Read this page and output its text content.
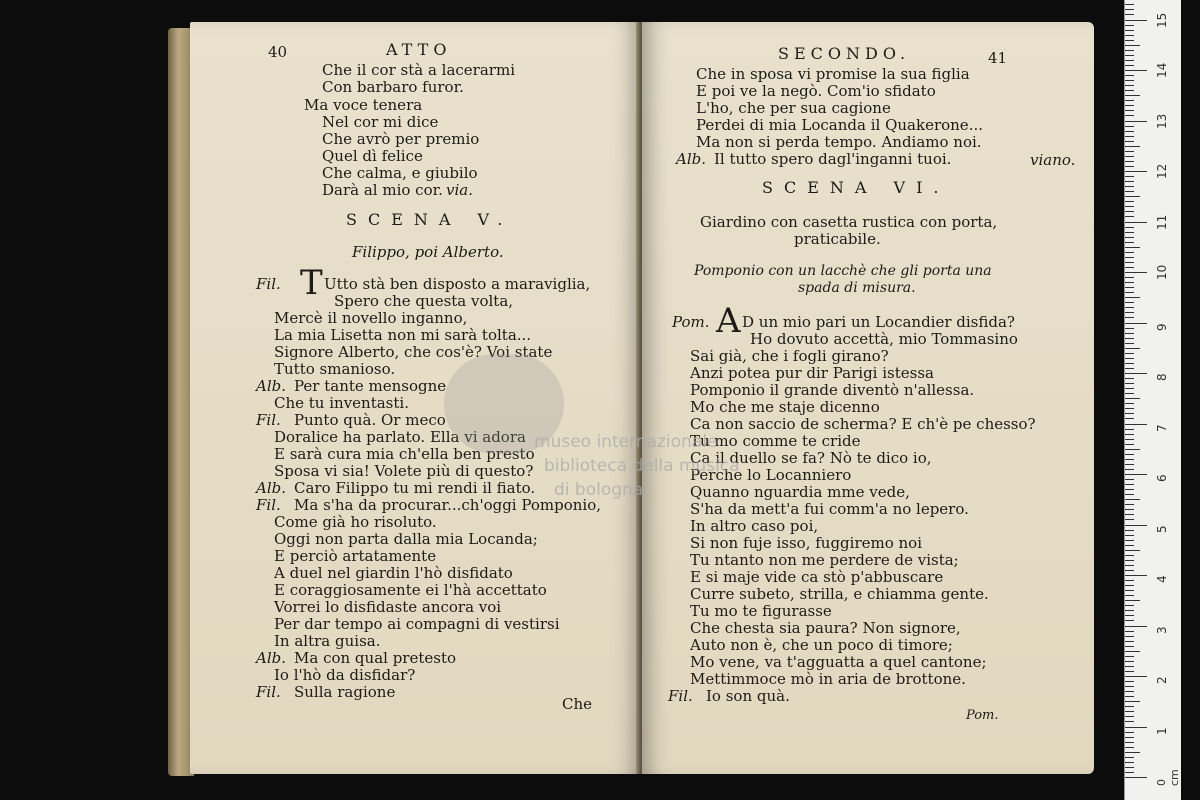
40	ATTO
Che il cor stà a lacerarmi
Con barbaro furor.
Ma voce tenera
Nel cor mi dice
Che avrò per premio
Quel dì felice
Che calma, e giubilo
Darà al mio cor. via.
SCENA V.
Filippo, poi Alberto.
Fil. T Utto stà ben disposto a maraviglia,
Spero che questa volta,
Mercè il novello inganno,
La mia Lisetta non mi sarà tolta...
Signore Alberto, che cos'è? Voi state
Tutto smanioso.
Alb. Per tante mensogne
Che tu inventasti.
Fil. Punto quà. Or meco
Doralice ha parlato. Ella vi adora
E sarà cura mia ch'ella ben presto
Sposa vi sia! Volete più di questo?
Alb. Caro Filippo tu mi rendi il fiato.
Fil. Ma s'ha da procurar...ch'oggi Pomponio,
Come già ho risoluto.
Oggi non parta dalla mia Locanda;
E perciò artatamente
A duel nel giardin l'hò disfidato
E coraggiosamente ei l'hà accettato
Vorrei lo disfidaste ancora voi
Per dar tempo ai compagni di vestirsi
In altra guisa.
Alb. Ma con qual pretesto
Io l'hò da disfidar?
Fil. Sulla ragione
Che
SECONDO.	41
Che in sposa vi promise la sua figlia
E poi ve la negò. Com'io sfidato
L'ho, che per sua cagione
Perdei di mia Locanda il Quakerone...
Ma non si perda tempo. Andiamo noi.
Alb. Il tutto spero dagl'inganni tuoi.	viano.
SCENA VI.
Giardino con casetta rustica con porta,
praticabile.
Pomponio con un lacchè che gli porta una
spada di misura.
Pom. A D un mio pari un Locandier disfida?
Ho dovuto accettà, mio Tommasino
Sai già, che i fogli girano?
Anzi potea pur dir Parigi istessa
Pomponio il grande diventò n'allessa.
Mo che me staje dicenno
Ca non saccio de scherma? E ch'è pe chesso?
Tu mo comme te cride
Ca il duello se fa? Nò te dico io,
Perche lo Locanniero
Quanno nguardia mme vede,
S'ha da mett'a fui comm'a no lepero.
In altro caso poi,
Si non fuje isso, fuggiremo noi
Tu ntanto non me perdere de vista;
E si maje vide ca stò p'abbuscare
Curre subeto, strilla, e chiamma gente.
Tu mo te figurasse
Che chesta sia paura? Non signore,
Auto non è, che un poco di timore;
Mo vene, va t'agguatta a quel cantone;
Mettimmoce mò in aria de brottone.
Fil. Io son quà.
Pom.
museo internazionale
biblioteca della musica
di bologna
0 cm
1
2
3
4
5
6
7
8
9
10
11
12
13
14
15
